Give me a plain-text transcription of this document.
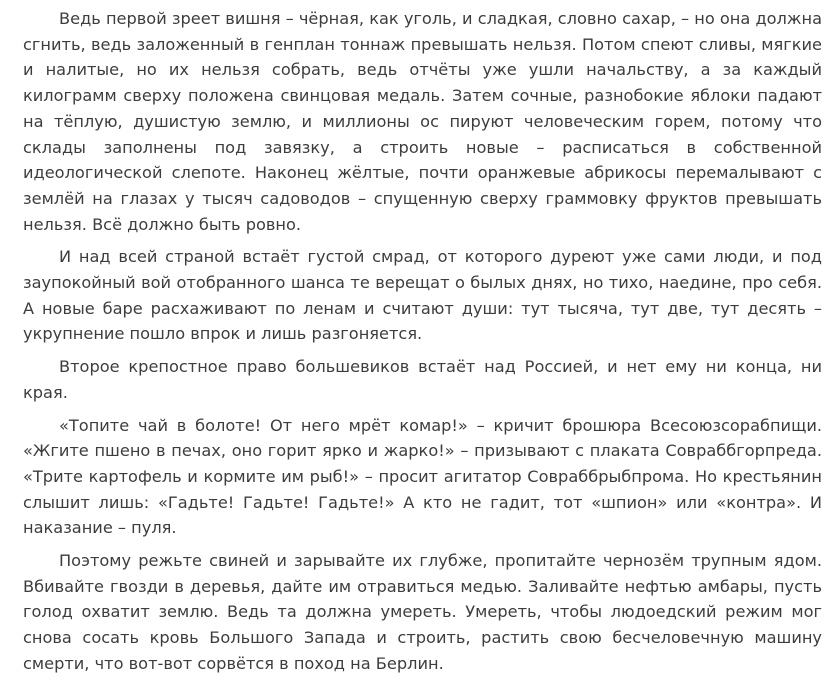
Ведь первой зреет вишня – чёрная, как уголь, и сладкая, словно сахар, – но она должна сгнить, ведь заложенный в генплан тоннаж превышать нельзя. Потом спеют сливы, мягкие и налитые, но их нельзя собрать, ведь отчёты уже ушли начальству, а за каждый килограмм сверху положена свинцовая медаль. Затем сочные, разнобокие яблоки падают на тёплую, душистую землю, и миллионы ос пируют человеческим горем, потому что склады заполнены под завязку, а строить новые – расписаться в собственной идеологической слепоте. Наконец жёлтые, почти оранжевые абрикосы перемалывают с землёй на глазах у тысяч садоводов – спущенную сверху граммовку фруктов превышать нельзя. Всё должно быть ровно.

И над всей страной встаёт густой смрад, от которого дуреют уже сами люди, и под заупокойный вой отобранного шанса те верещат о былых днях, но тихо, наедине, про себя. А новые баре расхаживают по ленам и считают души: тут тысяча, тут две, тут десять – укрупнение пошло впрок и лишь разгоняется.

Второе крепостное право большевиков встаёт над Россией, и нет ему ни конца, ни края.

«Топите чай в болоте! От него мрёт комар!» – кричит брошюра Всесоюзсорабпищи. «Жгите пшено в печах, оно горит ярко и жарко!» – призывают с плаката Совраббгорпреда. «Трите картофель и кормите им рыб!» – просит агитатор Совраббрыбпрома. Но крестьянин слышит лишь: «Гадьте! Гадьте! Гадьте!» А кто не гадит, тот «шпион» или «контра». И наказание – пуля.

Поэтому режьте свиней и зарывайте их глубже, пропитайте чернозём трупным ядом. Вбивайте гвозди в деревья, дайте им отравиться медью. Заливайте нефтью амбары, пусть голод охватит землю. Ведь та должна умереть. Умереть, чтобы людоедский режим мог снова сосать кровь Большого Запада и строить, растить свою бесчеловечную машину смерти, что вот-вот сорвётся в поход на Берлин.
